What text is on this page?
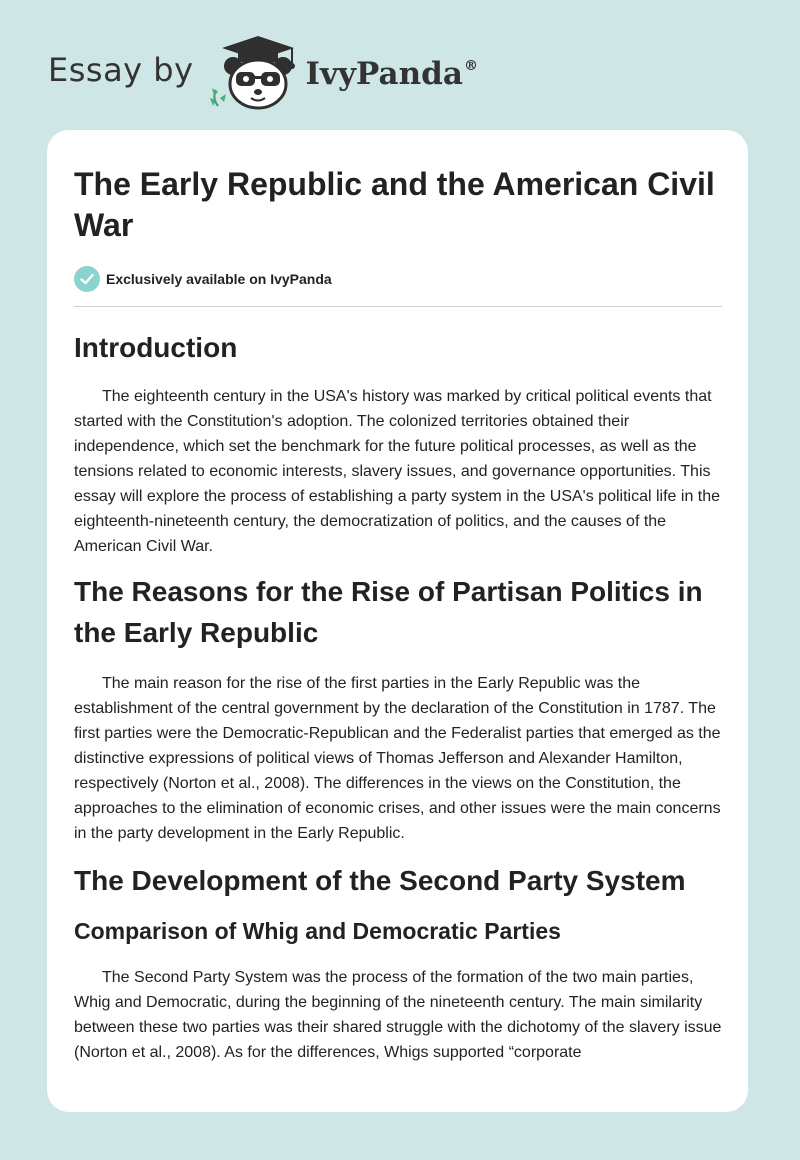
Essay by	IvyPanda®
The Early Republic and the American Civil War
Exclusively available on IvyPanda
Introduction

The eighteenth century in the USA's history was marked by critical political events that started with the Constitution's adoption. The colonized territories obtained their independence, which set the benchmark for the future political processes, as well as the tensions related to economic interests, slavery issues, and governance opportunities. This essay will explore the process of establishing a party system in the USA's political life in the eighteenth-nineteenth century, the democratization of politics, and the causes of the American Civil War.

The Reasons for the Rise of Partisan Politics in the Early Republic

The main reason for the rise of the first parties in the Early Republic was the establishment of the central government by the declaration of the Constitution in 1787. The first parties were the Democratic-Republican and the Federalist parties that emerged as the distinctive expressions of political views of Thomas Jefferson and Alexander Hamilton, respectively (Norton et al., 2008). The differences in the views on the Constitution, the approaches to the elimination of economic crises, and other issues were the main concerns in the party development in the Early Republic.

The Development of the Second Party System
Comparison of Whig and Democratic Parties

The Second Party System was the process of the formation of the two main parties, Whig and Democratic, during the beginning of the nineteenth century. The main similarity between these two parties was their shared struggle with the dichotomy of the slavery issue (Norton et al., 2008). As for the differences, Whigs supported “corporate
